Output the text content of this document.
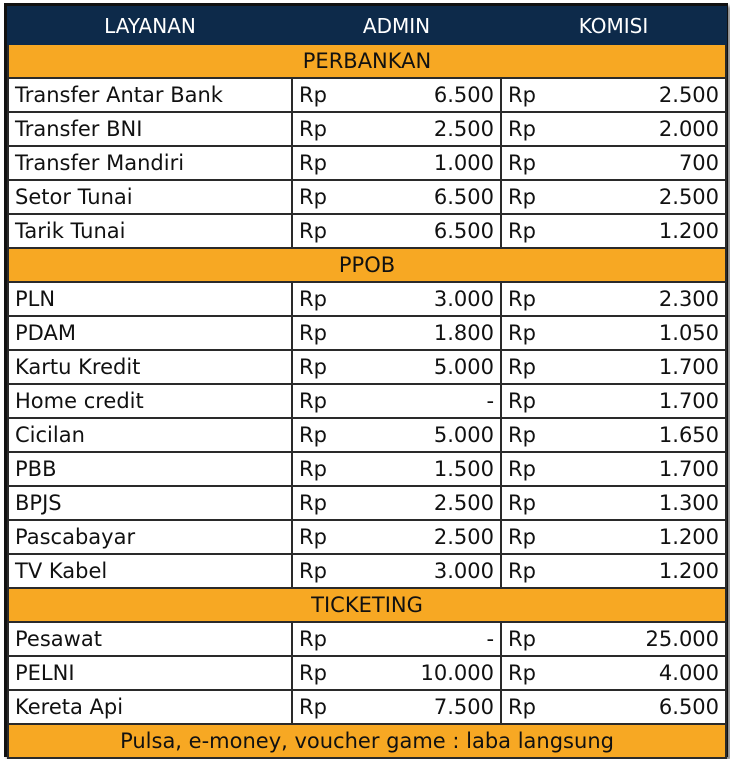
LAYANAN	ADMIN		KOMISI	
PERBANKAN				
Transfer Antar Bank	Rp	6.500	Rp	2.500
Transfer BNI	Rp	2.500	Rp	2.000
Transfer Mandiri	Rp	1.000	Rp	700
Setor Tunai	Rp	6.500	Rp	2.500
Tarik Tunai	Rp	6.500	Rp	1.200
PPOB				
PLN	Rp	3.000	Rp	2.300
PDAM	Rp	1.800	Rp	1.050
Kartu Kredit	Rp	5.000	Rp	1.700
Home credit	Rp	-	Rp	1.700
Cicilan	Rp	5.000	Rp	1.650
PBB	Rp	1.500	Rp	1.700
BPJS	Rp	2.500	Rp	1.300
Pascabayar	Rp	2.500	Rp	1.200
TV Kabel	Rp	3.000	Rp	1.200
TICKETING				
Pesawat	Rp	-	Rp	25.000
PELNI	Rp	10.000	Rp	4.000
Kereta Api	Rp	7.500	Rp	6.500
Pulsa, e-money, voucher game : laba langsung				
